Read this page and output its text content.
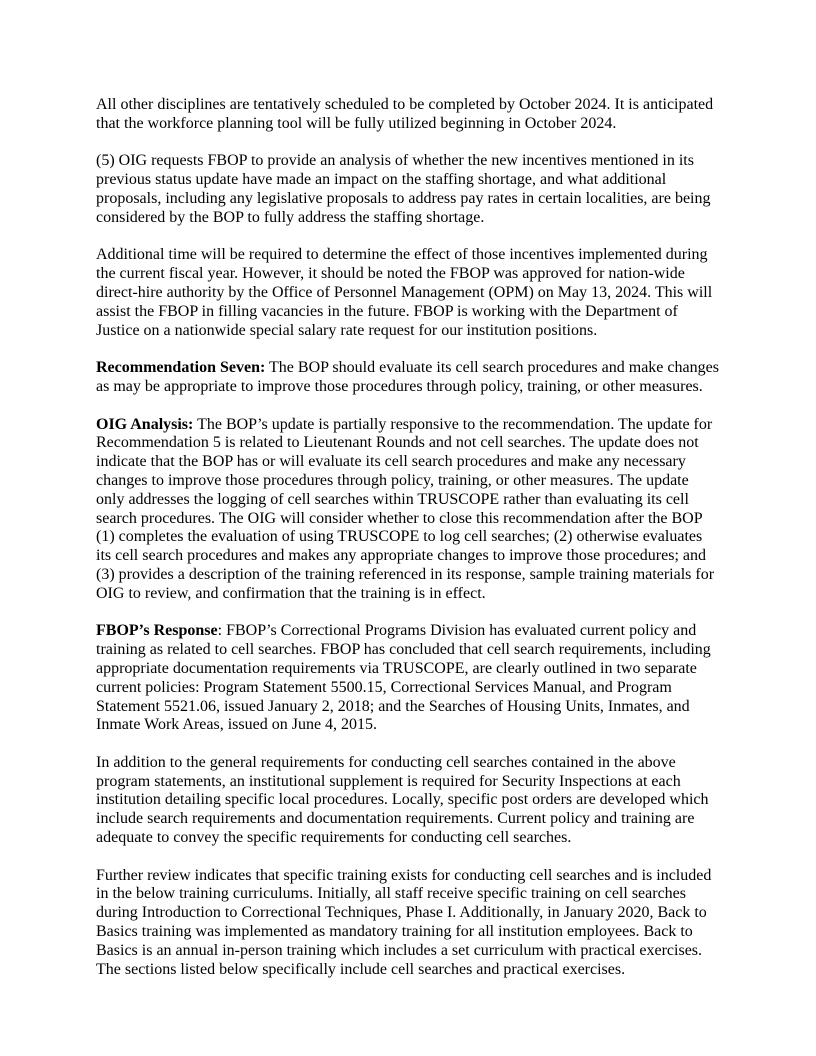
All other disciplines are tentatively scheduled to be completed by October 2024. It is anticipated
that the workforce planning tool will be fully utilized beginning in October 2024.
(5) OIG requests FBOP to provide an analysis of whether the new incentives mentioned in its
previous status update have made an impact on the staffing shortage, and what additional
proposals, including any legislative proposals to address pay rates in certain localities, are being
considered by the BOP to fully address the staffing shortage.
Additional time will be required to determine the effect of those incentives implemented during
the current fiscal year. However, it should be noted the FBOP was approved for nation-wide
direct-hire authority by the Office of Personnel Management (OPM) on May 13, 2024. This will
assist the FBOP in filling vacancies in the future. FBOP is working with the Department of
Justice on a nationwide special salary rate request for our institution positions.
Recommendation Seven: The BOP should evaluate its cell search procedures and make changes
as may be appropriate to improve those procedures through policy, training, or other measures.
OIG Analysis: The BOP’s update is partially responsive to the recommendation. The update for
Recommendation 5 is related to Lieutenant Rounds and not cell searches. The update does not
indicate that the BOP has or will evaluate its cell search procedures and make any necessary
changes to improve those procedures through policy, training, or other measures. The update
only addresses the logging of cell searches within TRUSCOPE rather than evaluating its cell
search procedures. The OIG will consider whether to close this recommendation after the BOP
(1) completes the evaluation of using TRUSCOPE to log cell searches; (2) otherwise evaluates
its cell search procedures and makes any appropriate changes to improve those procedures; and
(3) provides a description of the training referenced in its response, sample training materials for
OIG to review, and confirmation that the training is in effect.
FBOP’s Response: FBOP’s Correctional Programs Division has evaluated current policy and
training as related to cell searches. FBOP has concluded that cell search requirements, including
appropriate documentation requirements via TRUSCOPE, are clearly outlined in two separate
current policies: Program Statement 5500.15, Correctional Services Manual, and Program
Statement 5521.06, issued January 2, 2018; and the Searches of Housing Units, Inmates, and
Inmate Work Areas, issued on June 4, 2015.
In addition to the general requirements for conducting cell searches contained in the above
program statements, an institutional supplement is required for Security Inspections at each
institution detailing specific local procedures. Locally, specific post orders are developed which
include search requirements and documentation requirements. Current policy and training are
adequate to convey the specific requirements for conducting cell searches.
Further review indicates that specific training exists for conducting cell searches and is included
in the below training curriculums. Initially, all staff receive specific training on cell searches
during Introduction to Correctional Techniques, Phase I. Additionally, in January 2020, Back to
Basics training was implemented as mandatory training for all institution employees. Back to
Basics is an annual in-person training which includes a set curriculum with practical exercises.
The sections listed below specifically include cell searches and practical exercises.
